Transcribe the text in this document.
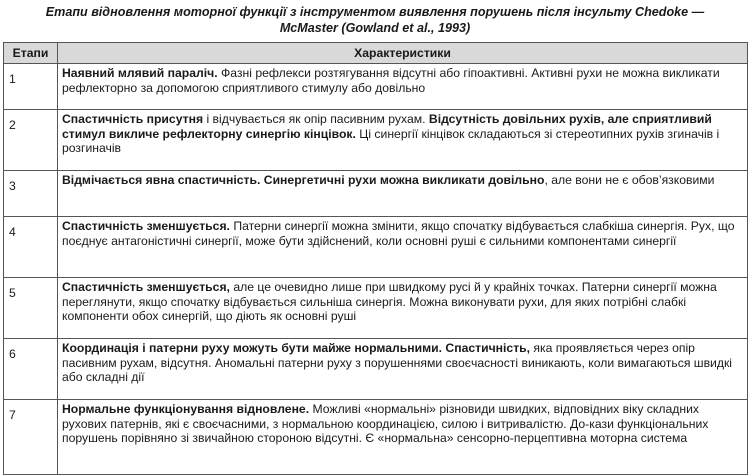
Етапи відновлення моторної функції з інструментом виявлення порушень після інсульту Chedoke —
McMaster (Gowland et al., 1993)
Етапи	Характеристики
1	Наявний млявий параліч. Фазні рефлекси розтягування відсутні або гіпоактивні. Активні рухи не можна викликати рефлекторно за допомогою сприятливого стимулу або довільно
2	Спастичність присутня і відчувається як опір пасивним рухам. Відсутність довільних рухів, але сприятливий стимул викличе рефлекторну синергію кінцівок. Ці синергії кінцівок складаються зі стереотипних рухів згиначів і розгиначів
3	Відмічається явна спастичність. Синергетичні рухи можна викликати довільно, але вони не є обов’язковими
4	Спастичність зменшується. Патерни синергії можна змінити, якщо спочатку відбувається слабкіша синергія. Рух, що поєднує антагоністичні синергії, може бути здійснений, коли основні руші є сильними компонентами синергії
5	Спастичність зменшується, але це очевидно лише при швидкому русі й у крайніх точках. Патерни синергії можна переглянути, якщо спочатку відбувається сильніша синергія. Можна виконувати рухи, для яких потрібні слабкі компоненти обох синергій, що діють як основні руші
6	Координація і патерни руху можуть бути майже нормальними. Спастичність, яка проявляється через опір пасивним рухам, відсутня. Аномальні патерни руху з порушеннями своєчасності виникають, коли вимагаються швидкі або складні дії
7	Нормальне функціонування відновлене. Можливі «нормальні» різновиди швидких, відповідних віку складних рухових патернів, які є своєчасними, з нормальною координацією, силою і витривалістю. До-кази функціональних порушень порівняно зі звичайною стороною відсутні. Є «нормальна» сенсорно-перцептивна моторна система
